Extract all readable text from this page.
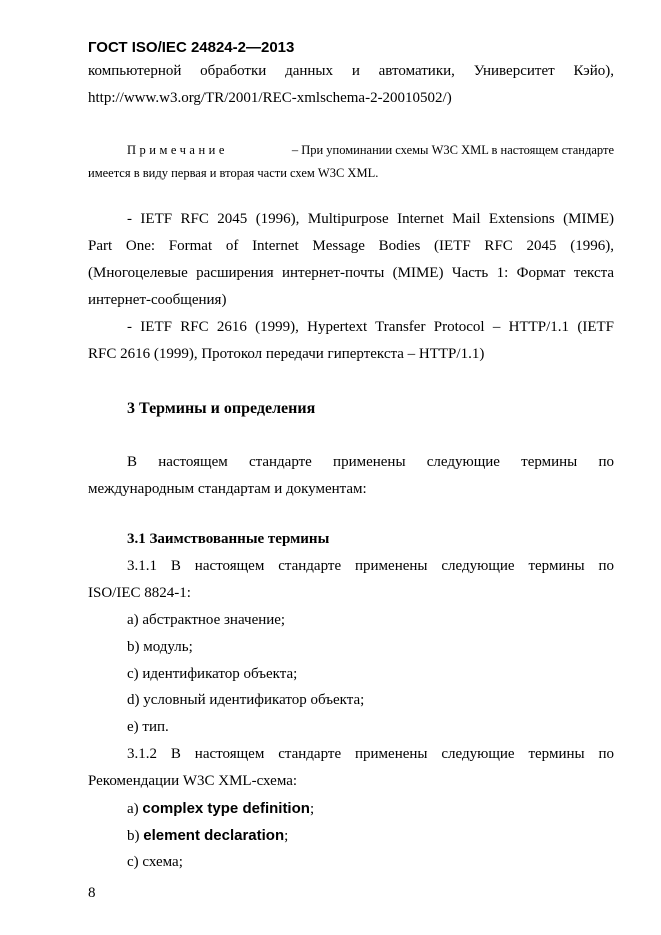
ГОСТ ISO/IEC 24824-2—2013
компьютерной обработки данных и автоматики, Университет Кэйо),
http://www.w3.org/TR/2001/REC-xmlschema-2-20010502/)
Примечание	– При упоминании схемы W3C XML в настоящем стандарте
имеется в виду первая и вторая части схем W3C XML.
- IETF RFC 2045 (1996), Multipurpose Internet Mail Extensions (MIME)
Part One: Format of Internet Message Bodies (IETF RFC 2045 (1996),
(Многоцелевые расширения интернет-почты (MIME) Часть 1: Формат текста
интернет-сообщения)
- IETF RFC 2616 (1999), Hypertext Transfer Protocol – HTTP/1.1 (IETF
RFC 2616 (1999), Протокол передачи гипертекста – HTTP/1.1)
3 Термины и определения
В настоящем стандарте применены следующие термины по
международным стандартам и документам:
3.1 Заимствованные термины
3.1.1 В настоящем стандарте применены следующие термины по
ISO/IEC 8824-1:
а) абстрактное значение;
b) модуль;
с) идентификатор объекта;
d) условный идентификатор объекта;
е) тип.
3.1.2 В настоящем стандарте применены следующие термины по
Рекомендации W3C XML-схема:
а) complex type definition;
b) element declaration;
с) схема;
8
